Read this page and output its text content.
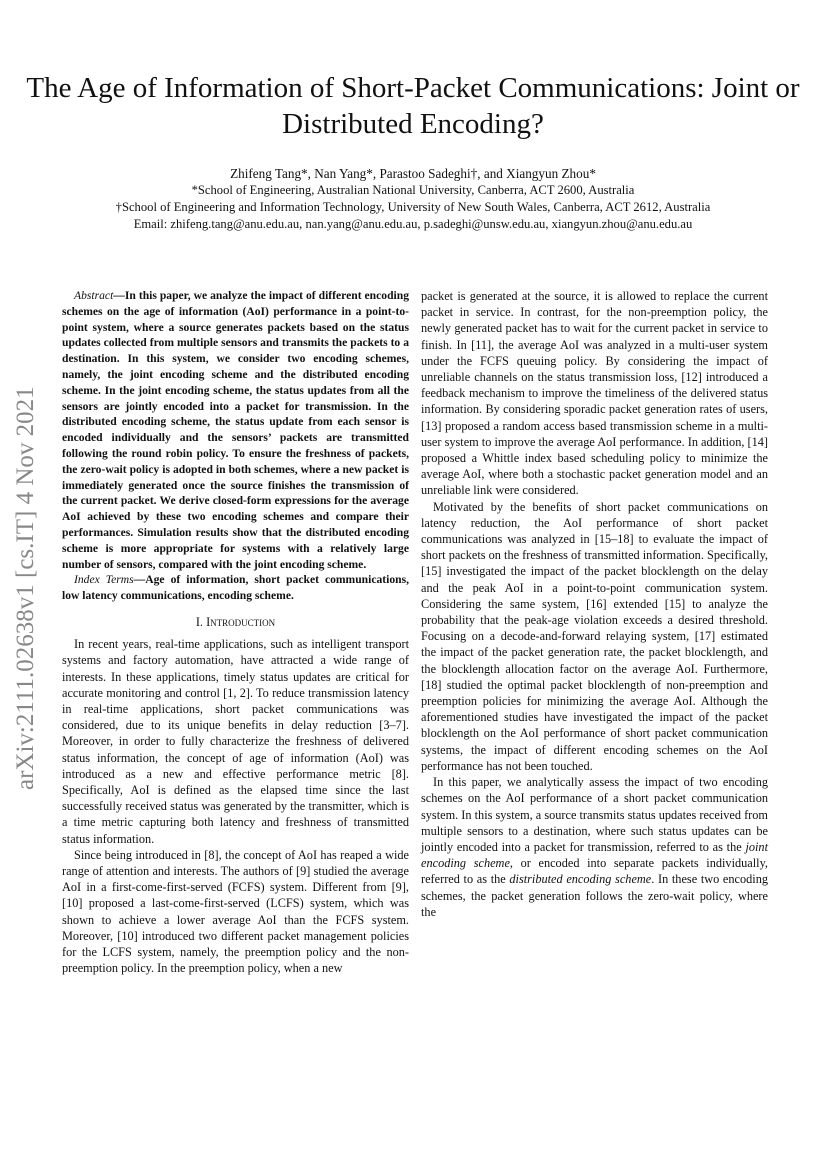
arXiv:2111.02638v1 [cs.IT] 4 Nov 2021
The Age of Information of Short-Packet Communications: Joint or Distributed Encoding?
Zhifeng Tang*, Nan Yang*, Parastoo Sadeghi†, and Xiangyun Zhou*
*School of Engineering, Australian National University, Canberra, ACT 2600, Australia
†School of Engineering and Information Technology, University of New South Wales, Canberra, ACT 2612, Australia
Email: zhifeng.tang@anu.edu.au, nan.yang@anu.edu.au, p.sadeghi@unsw.edu.au, xiangyun.zhou@anu.edu.au

Abstract—In this paper, we analyze the impact of different encoding schemes on the age of information (AoI) performance in a point-to-point system, where a source generates packets based on the status updates collected from multiple sensors and transmits the packets to a destination. In this system, we consider two encoding schemes, namely, the joint encoding scheme and the distributed encoding scheme. In the joint encoding scheme, the status updates from all the sensors are jointly encoded into a packet for transmission. In the distributed encoding scheme, the status update from each sensor is encoded individually and the sensors’ packets are transmitted following the round robin policy. To ensure the freshness of packets, the zero-wait policy is adopted in both schemes, where a new packet is immediately generated once the source finishes the transmission of the current packet. We derive closed-form expressions for the average AoI achieved by these two encoding schemes and compare their performances. Simulation results show that the distributed encoding scheme is more appropriate for systems with a relatively large number of sensors, compared with the joint encoding scheme.

Index Terms—Age of information, short packet communications, low latency communications, encoding scheme.

I. Introduction

In recent years, real-time applications, such as intelligent transport systems and factory automation, have attracted a wide range of interests. In these applications, timely status updates are critical for accurate monitoring and control [1, 2]. To reduce transmission latency in real-time applications, short packet communications was considered, due to its unique benefits in delay reduction [3–7]. Moreover, in order to fully characterize the freshness of delivered status information, the concept of age of information (AoI) was introduced as a new and effective performance metric [8]. Specifically, AoI is defined as the elapsed time since the last successfully received status was generated by the transmitter, which is a time metric capturing both latency and freshness of transmitted status information.

Since being introduced in [8], the concept of AoI has reaped a wide range of attention and interests. The authors of [9] studied the average AoI in a first-come-first-served (FCFS) system. Different from [9], [10] proposed a last-come-first-served (LCFS) system, which was shown to achieve a lower average AoI than the FCFS system. Moreover, [10] introduced two different packet management policies for the LCFS system, namely, the preemption policy and the non-preemption policy. In the preemption policy, when a new

packet is generated at the source, it is allowed to replace the current packet in service. In contrast, for the non-preemption policy, the newly generated packet has to wait for the current packet in service to finish. In [11], the average AoI was analyzed in a multi-user system under the FCFS queuing policy. By considering the impact of unreliable channels on the status transmission loss, [12] introduced a feedback mechanism to improve the timeliness of the delivered status information. By considering sporadic packet generation rates of users, [13] proposed a random access based transmission scheme in a multi-user system to improve the average AoI performance. In addition, [14] proposed a Whittle index based scheduling policy to minimize the average AoI, where both a stochastic packet generation model and an unreliable link were considered.

Motivated by the benefits of short packet communications on latency reduction, the AoI performance of short packet communications was analyzed in [15–18] to evaluate the impact of short packets on the freshness of transmitted information. Specifically, [15] investigated the impact of the packet blocklength on the delay and the peak AoI in a point-to-point communication system. Considering the same system, [16] extended [15] to analyze the probability that the peak-age violation exceeds a desired threshold. Focusing on a decode-and-forward relaying system, [17] estimated the impact of the packet generation rate, the packet blocklength, and the blocklength allocation factor on the average AoI. Furthermore, [18] studied the optimal packet blocklength of non-preemption and preemption policies for minimizing the average AoI. Although the aforementioned studies have investigated the impact of the packet blocklength on the AoI performance of short packet communication systems, the impact of different encoding schemes on the AoI performance has not been touched.

In this paper, we analytically assess the impact of two encoding schemes on the AoI performance of a short packet communication system. In this system, a source transmits status updates received from multiple sensors to a destination, where such status updates can be jointly encoded into a packet for transmission, referred to as the joint encoding scheme, or encoded into separate packets individually, referred to as the distributed encoding scheme. In these two encoding schemes, the packet generation follows the zero-wait policy, where the
